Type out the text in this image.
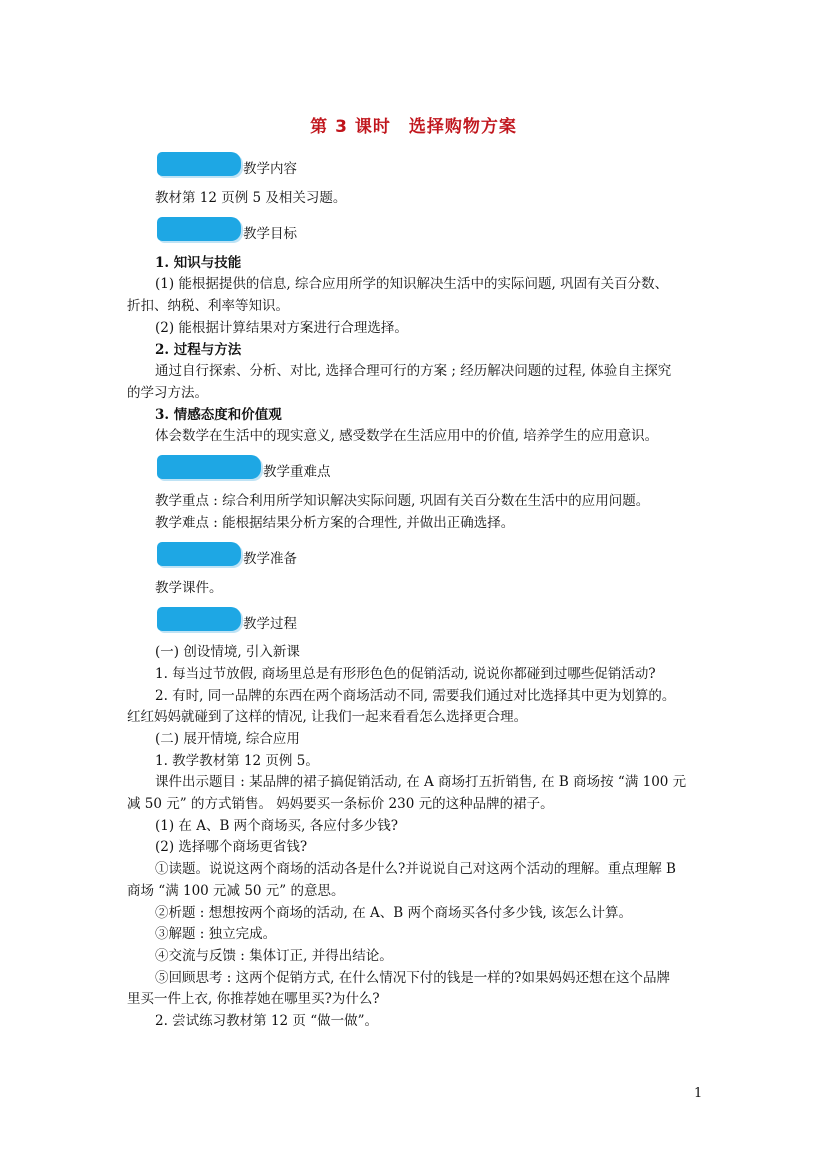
第 3 课时　选择购物方案
教学内容
教材第 12 页例 5 及相关习题。
教学目标
1. 知识与技能
(1) 能根据提供的信息, 综合应用所学的知识解决生活中的实际问题, 巩固有关百分数、
折扣、纳税、利率等知识。
(2) 能根据计算结果对方案进行合理选择。
2. 过程与方法
通过自行探索、分析、对比, 选择合理可行的方案 ; 经历解决问题的过程, 体验自主探究
的学习方法。
3. 情感态度和价值观
体会数学在生活中的现实意义, 感受数学在生活应用中的价值, 培养学生的应用意识。
教学重难点
教学重点 : 综合利用所学知识解决实际问题, 巩固有关百分数在生活中的应用问题。
教学难点 : 能根据结果分析方案的合理性, 并做出正确选择。
教学准备
教学课件。
教学过程
(一) 创设情境, 引入新课
1. 每当过节放假, 商场里总是有形形色色的促销活动, 说说你都碰到过哪些促销活动?
2. 有时, 同一品牌的东西在两个商场活动不同, 需要我们通过对比选择其中更为划算的。
红红妈妈就碰到了这样的情况, 让我们一起来看看怎么选择更合理。
(二) 展开情境, 综合应用
1. 教学教材第 12 页例 5。
课件出示题目 : 某品牌的裙子搞促销活动, 在 A 商场打五折销售, 在 B 商场按 “满 100 元
减 50 元” 的方式销售。 妈妈要买一条标价 230 元的这种品牌的裙子。
(1) 在 A、B 两个商场买, 各应付多少钱?
(2) 选择哪个商场更省钱?
①读题。说说这两个商场的活动各是什么?并说说自己对这两个活动的理解。重点理解 B
商场 “满 100 元减 50 元” 的意思。
②析题 : 想想按两个商场的活动, 在 A、B 两个商场买各付多少钱, 该怎么计算。
③解题 : 独立完成。
④交流与反馈 : 集体订正, 并得出结论。
⑤回顾思考 : 这两个促销方式, 在什么情况下付的钱是一样的?如果妈妈还想在这个品牌
里买一件上衣, 你推荐她在哪里买?为什么?
2. 尝试练习教材第 12 页 “做一做”。
1
